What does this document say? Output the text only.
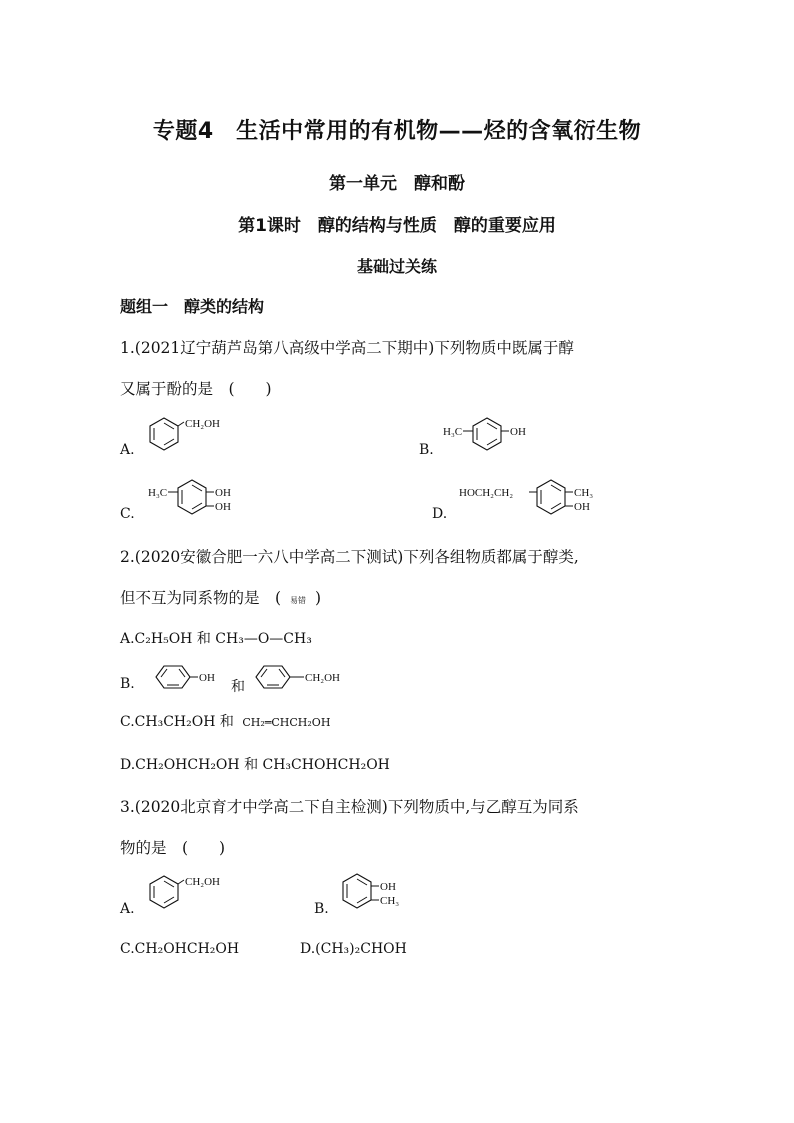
专题4　生活中常用的有机物——烃的含氧衍生物
第一单元　醇和酚
第1课时　醇的结构与性质　醇的重要应用
基础过关练
题组一　醇类的结构
1.(2021辽宁葫芦岛第八高级中学高二下期中)下列物质中既属于醇
又属于酚的是　(　　)
A.
CH₂OH
B.
H₃C	OH
C.
H₃C	OH
OH	D.
HOCH₂CH₂	CH₃
OH
2.(2020安徽合肥一六八中学高二下测试)下列各组物质都属于醇类,
但不互为同系物的是　( 易错 )
A.C₂H₅OH 和 CH₃—O—CH₃
B.	OH
和
CH₂OH
C.CH₃CH₂OH 和 CH₂═CHCH₂OH
D.CH₂OHCH₂OH 和 CH₃CHOHCH₂OH
3.(2020北京育才中学高二下自主检测)下列物质中,与乙醇互为同系
物的是　(　　)
A.
CH₂OH
B.
OH
CH₃
C.CH₂OHCH₂OH	D.(CH₃)₂CHOH
